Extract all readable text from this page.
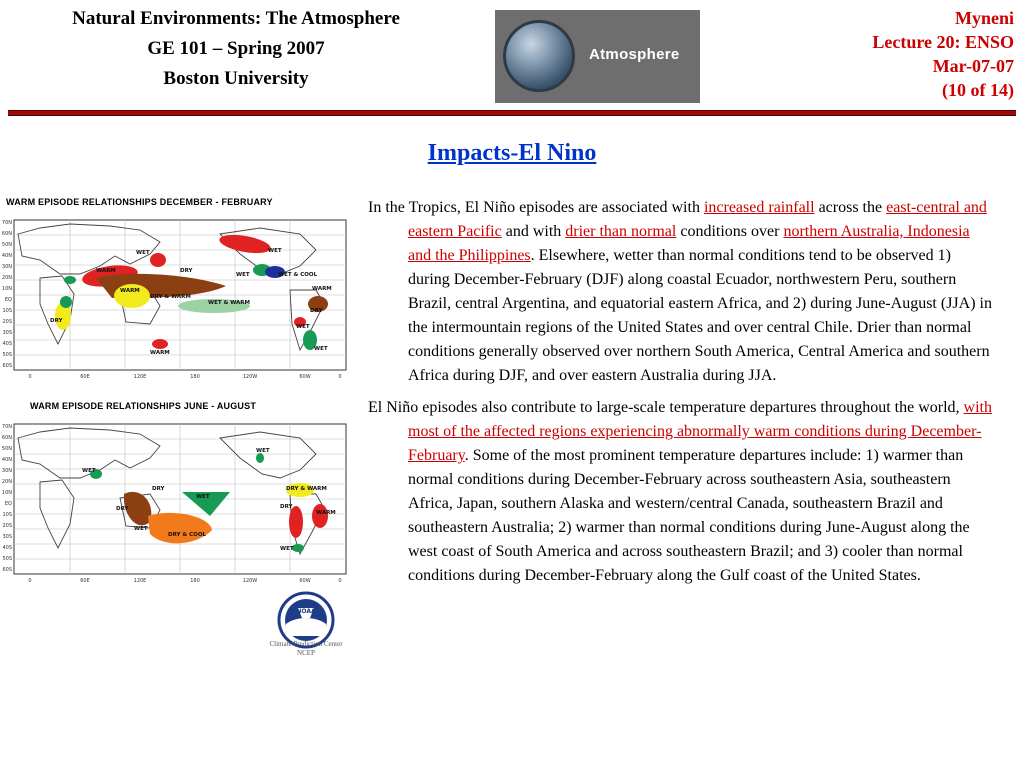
Natural Environments: The Atmosphere
GE 101 – Spring 2007
Boston University
Atmosphere
Myneni
Lecture 20: ENSO
Mar-07-07
(10 of 14)
Impacts-El Nino
WARM EPISODE RELATIONSHIPS DECEMBER - FEBRUARY
70N
60N
50N
40N
30N
20N
10N
EQ
10S
20S
30S
40S
50S
60S
0	60E	120E	180	120W	60W	0
WET	WET
DRY
WET
WARM
WET & COOL
WARM	WARM
DRY & WARM
WET & WARM
DRY
WET
WARM
WET
DRY
WARM EPISODE RELATIONSHIPS JUNE - AUGUST
70N
60N
50N
40N
30N
20N
10N
EQ
10S
20S
30S
40S
50S
60S
0	60E	120E	180	120W	60W	0
WET
DRY
WET
DRY & WARM
DRY
WET
DRY
WARM
WET
DRY & COOL
WET
NOAA
Climate Prediction Center
NCEP

In the Tropics, El Niño episodes are associated with increased rainfall across the east-central and eastern Pacific and with drier than normal conditions over northern Australia, Indonesia and the Philippines. Elsewhere, wetter than normal conditions tend to be observed 1) during December-February (DJF) along coastal Ecuador, northwestern Peru, southern Brazil, central Argentina, and equatorial eastern Africa, and 2) during June-August (JJA) in the intermountain regions of the United States and over central Chile. Drier than normal conditions generally observed over northern South America, Central America and southern Africa during DJF, and over eastern Australia during JJA.

El Niño episodes also contribute to large-scale temperature departures throughout the world, with most of the affected regions experiencing abnormally warm conditions during December-February. Some of the most prominent temperature departures include: 1) warmer than normal conditions during December-February across southeastern Asia, southeastern Africa, Japan, southern Alaska and western/central Canada, southeastern Brazil and southeastern Australia; 2) warmer than normal conditions during June-August along the west coast of South America and across southeastern Brazil; and 3) cooler than normal conditions during December-February along the Gulf coast of the United States.
